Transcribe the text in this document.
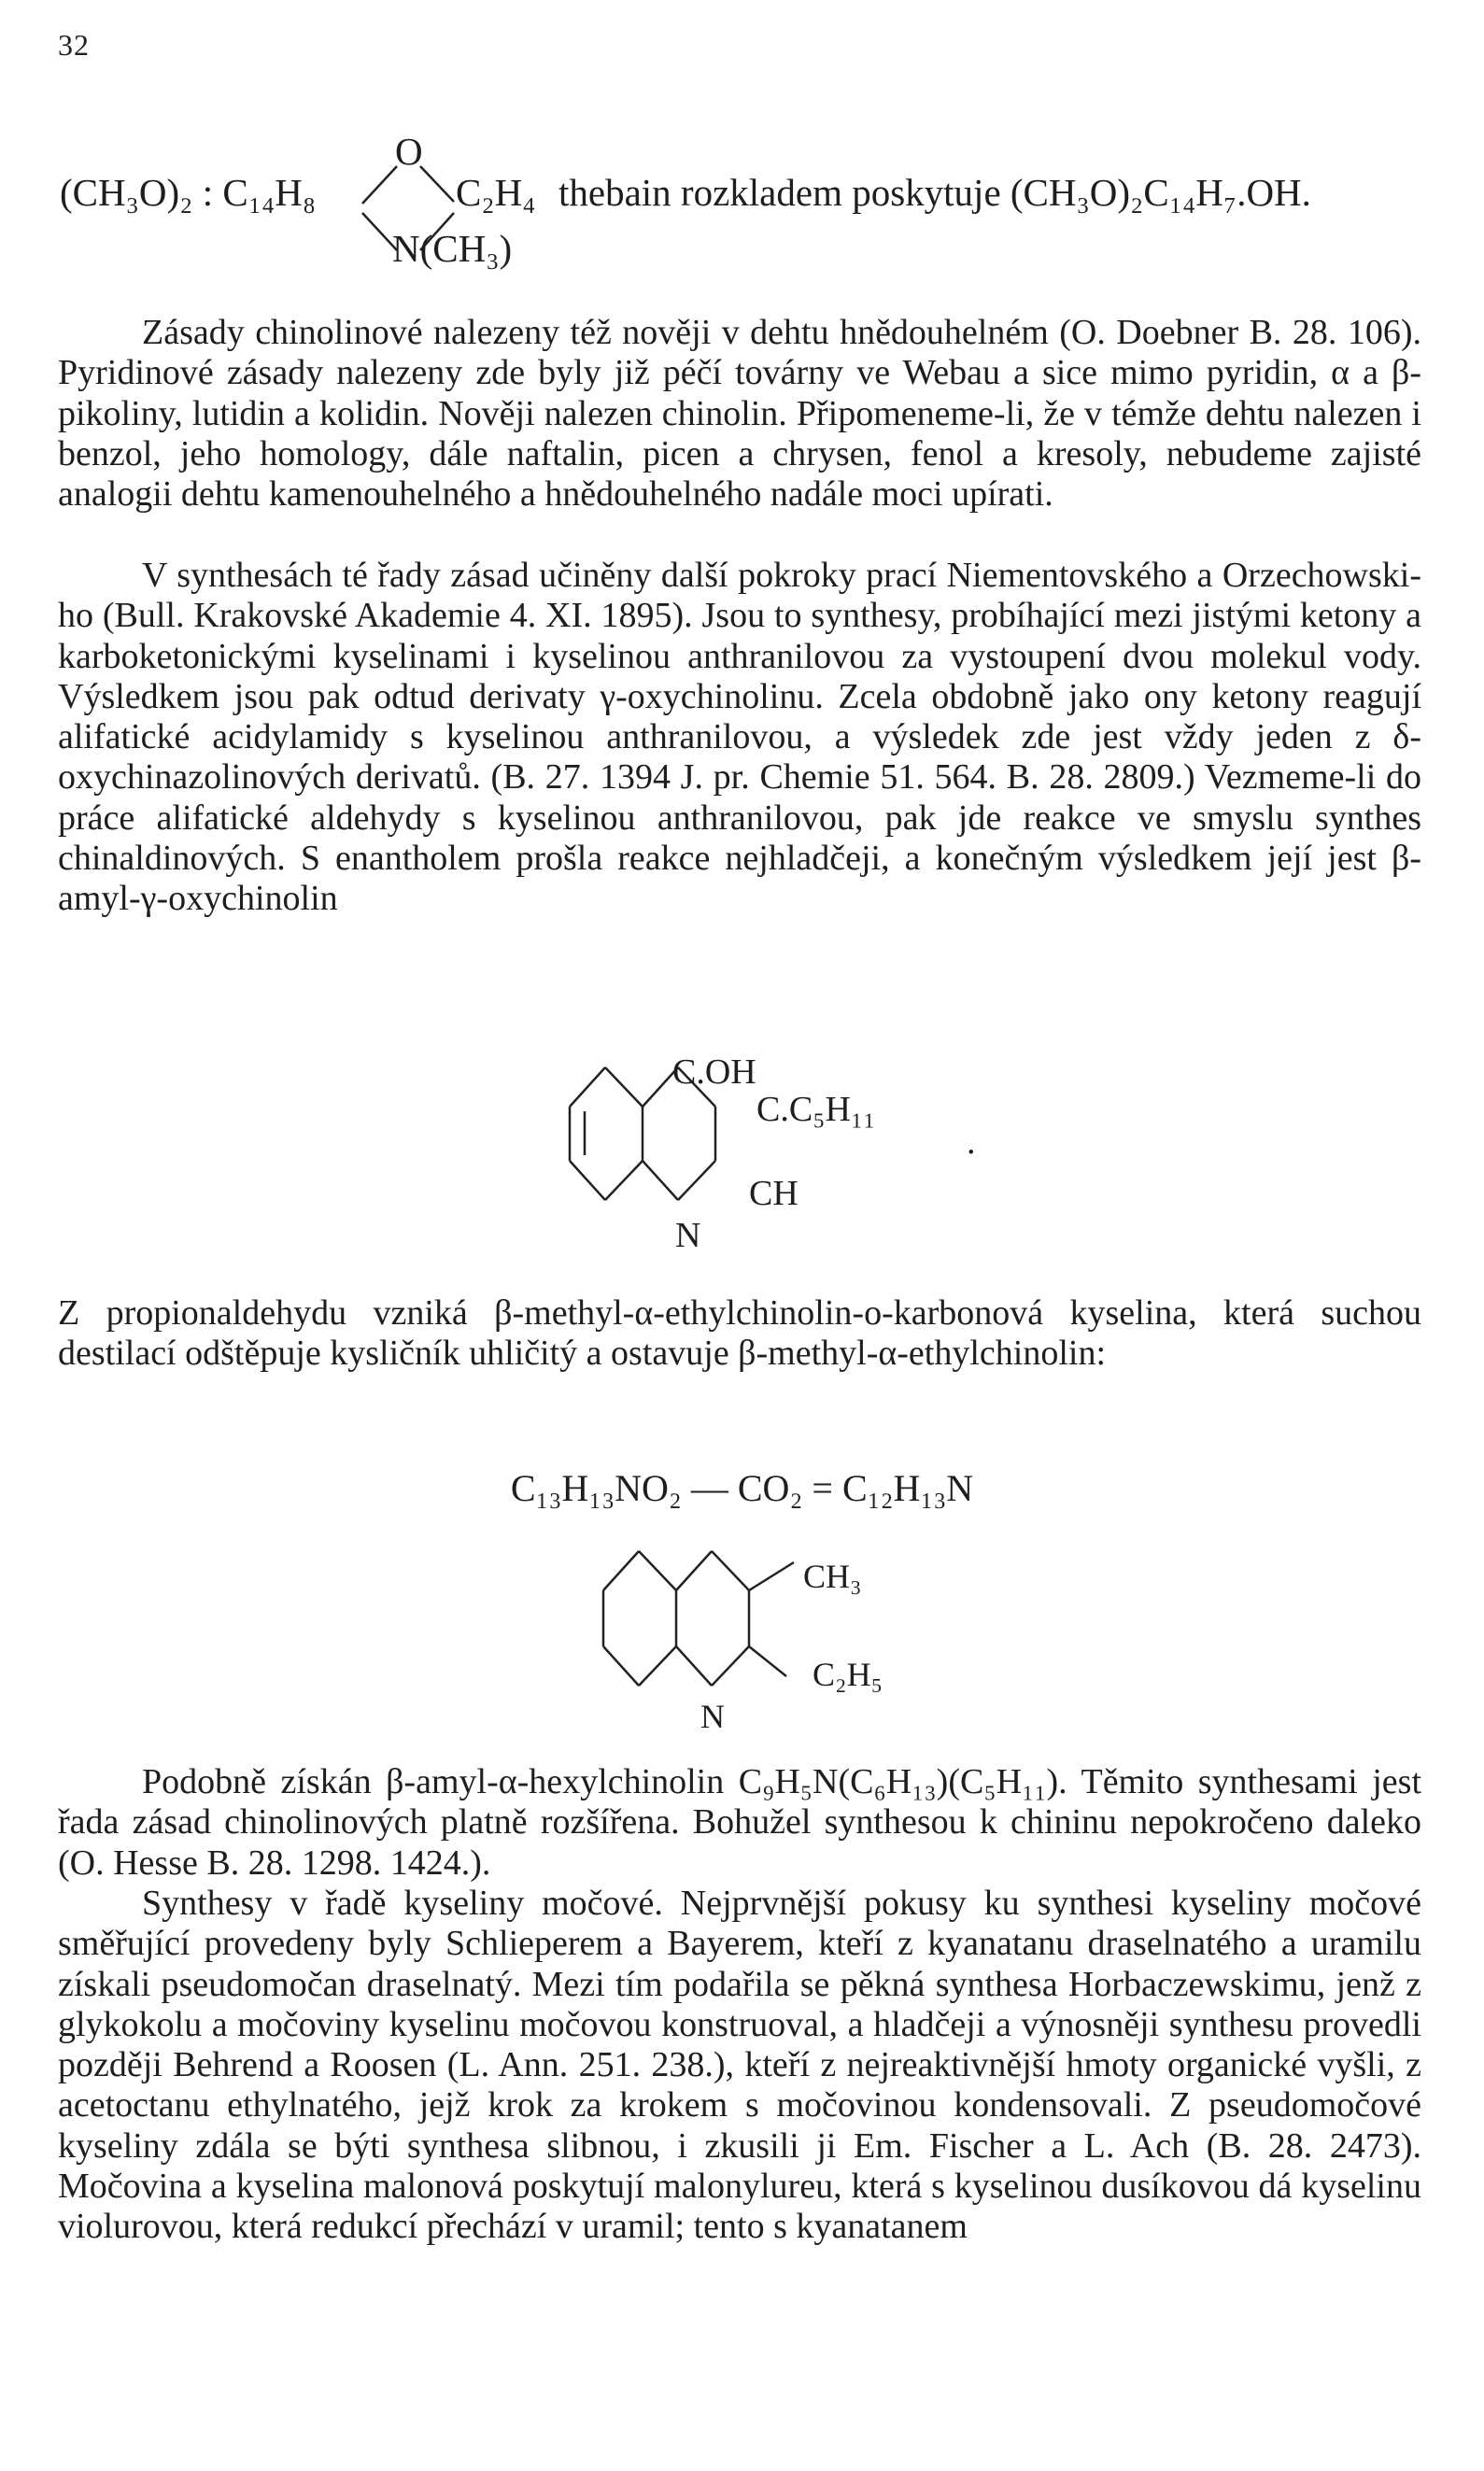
32
(CH₃O)₂ : C₁₄H₈
O
C₂H₄
N(CH₃)
thebain rozkladem poskytuje (CH₃O)₂C₁₄H₇.OH.

Zásady chinolinové nalezeny též nověji v dehtu hnědouhelném (O. Doebner B. 28. 106). Pyridinové zásady nalezeny zde byly již péčí továrny ve Webau a sice mimo pyridin, α a β-pikoliny, lutidin a kolidin. Nověji nalezen chinolin. Připomeneme-li, že v témže dehtu nalezen i benzol, jeho homology, dále naftalin, picen a chrysen, fenol a kresoly, nebudeme zajisté analogii dehtu kamenouhelného a hnědouhelného nadále moci upírati.

V synthesách té řady zásad učiněny další pokroky prací Niementovského a Orzechowski-ho (Bull. Krakovské Akademie 4. XI. 1895). Jsou to synthesy, probíhající mezi jistými ketony a karboketonickými kyselinami i kyselinou anthranilovou za vystoupení dvou molekul vody. Výsledkem jsou pak odtud derivaty γ-oxychinolinu. Zcela obdobně jako ony ketony reagují alifatické acidylamidy s kyselinou anthranilovou, a výsledek zde jest vždy jeden z δ-oxychinazolinových derivatů. (B. 27. 1394 J. pr. Chemie 51. 564. B. 28. 2809.) Vezmeme-li do práce alifatické aldehydy s kyselinou anthranilovou, pak jde reakce ve smyslu synthes chinaldinových. S enantholem prošla reakce nejhladčeji, a konečným výsledkem její jest β-amyl-γ-oxychinolin

C.OH
C.C₅H₁₁
CH
N
.

Z propionaldehydu vzniká β-methyl-α-ethylchinolin-o-karbonová kyselina, která suchou destilací odštěpuje kysličník uhličitý a ostavuje β-methyl-α-ethylchinolin:

C₁₃H₁₃NO₂ — CO₂ = C₁₂H₁₃N
CH₃
C₂H₅
N

Podobně získán β-amyl-α-hexylchinolin C₉H₅N(C₆H₁₃)(C₅H₁₁). Těmito synthesami jest řada zásad chinolinových platně rozšířena. Bohužel synthesou k chininu nepokročeno daleko (O. Hesse B. 28. 1298. 1424.).

Synthesy v řadě kyseliny močové. Nejprvnější pokusy ku synthesi kyseliny močové směřující provedeny byly Schlieperem a Bayerem, kteří z kyanatanu draselnatého a uramilu získali pseudomočan draselnatý. Mezi tím podařila se pěkná synthesa Horbaczewskimu, jenž z glykokolu a močoviny kyselinu močovou konstruoval, a hladčeji a výnosněji synthesu provedli později Behrend a Roosen (L. Ann. 251. 238.), kteří z nejreaktivnější hmoty organické vyšli, z acetoctanu ethylnatého, jejž krok za krokem s močovinou kondensovali. Z pseudomočové kyseliny zdála se býti synthesa slibnou, i zkusili ji Em. Fischer a L. Ach (B. 28. 2473). Močovina a kyselina malonová poskytují malonylureu, která s kyselinou dusíkovou dá kyselinu violurovou, která redukcí přechází v uramil; tento s kyanatanem
